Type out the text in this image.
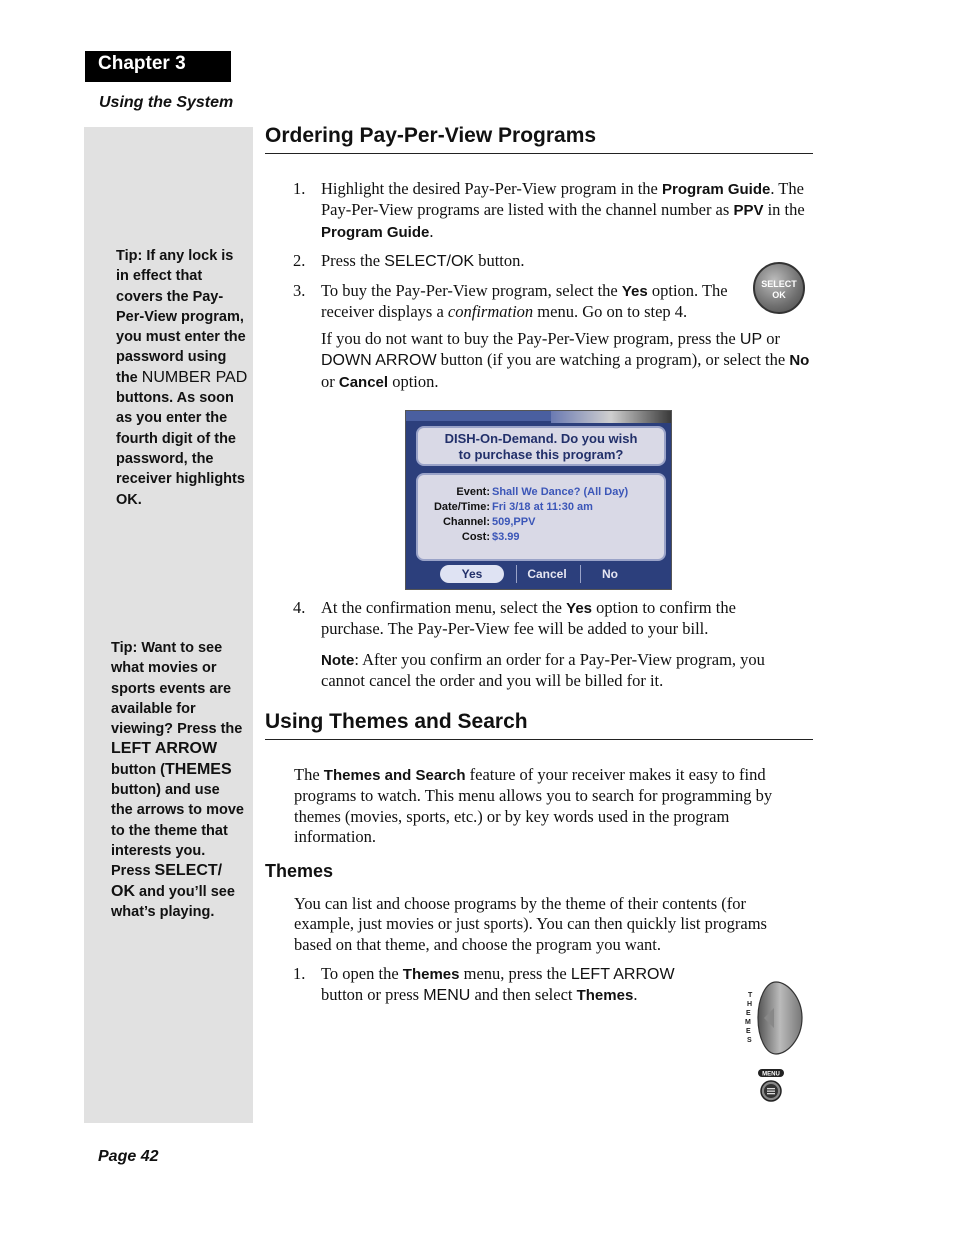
Chapter 3
Using the System
Tip: If any lock is in effect that covers the Pay-Per-View program, you must enter the password using the NUMBER PAD buttons. As soon as you enter the fourth digit of the password, the receiver highlights OK.
Tip: Want to see what movies or sports events are available for viewing? Press the LEFT ARROW button (THEMES button) and use the arrows to move to the theme that interests you. Press SELECT/ OK and you’ll see what’s playing.
Ordering Pay-Per-View Programs
1. Highlight the desired Pay-Per-View program in the Program Guide. The Pay-Per-View programs are listed with the channel number as PPV in the Program Guide.
2. Press the SELECT/OK button.
3. To buy the Pay-Per-View program, select the Yes option. The receiver displays a confirmation menu. Go on to step 4.
SELECT
OK
If you do not want to buy the Pay-Per-View program, press the UP or DOWN ARROW button (if you are watching a program), or select the No or Cancel option.
DISH-On-Demand. Do you wish
to purchase this program?
Event: Shall We Dance? (All Day)
Date/Time: Fri 3/18 at 11:30 am
Channel: 509,PPV
Cost: $3.99
Yes	Cancel	No
4. At the confirmation menu, select the Yes option to confirm the purchase. The Pay-Per-View fee will be added to your bill.
Note: After you confirm an order for a Pay-Per-View program, you cannot cancel the order and you will be billed for it.
Using Themes and Search
The Themes and Search feature of your receiver makes it easy to find programs to watch. This menu allows you to search for programming by themes (movies, sports, etc.) or by key words used in the program information.
Themes
You can list and choose programs by the theme of their contents (for example, just movies or just sports). You can then quickly list programs based on that theme, and choose the program you want.
1. To open the Themes menu, press the LEFT ARROW button or press MENU and then select Themes.	T
H
E
M
E
S
MENU
Page 42
